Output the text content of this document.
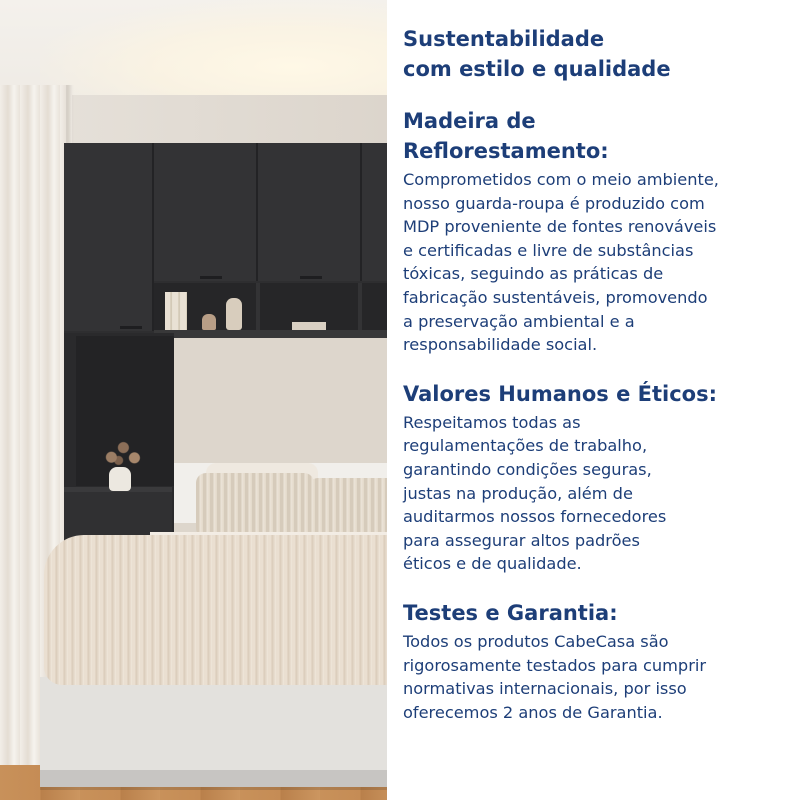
Sustentabilidade
com estilo e qualidade
Madeira de
Reflorestamento:

Comprometidos com o meio ambiente,
nosso guarda-roupa é produzido com
MDP proveniente de fontes renováveis
e certificadas e livre de substâncias
tóxicas, seguindo as práticas de
fabricação sustentáveis, promovendo
a preservação ambiental e a
responsabilidade social.

Valores Humanos e Éticos:

Respeitamos todas as
regulamentações de trabalho,
garantindo condições seguras,
justas na produção, além de
auditarmos nossos fornecedores
para assegurar altos padrões
éticos e de qualidade.

Testes e Garantia:

Todos os produtos CabeCasa são
rigorosamente testados para cumprir
normativas internacionais, por isso
oferecemos 2 anos de Garantia.
